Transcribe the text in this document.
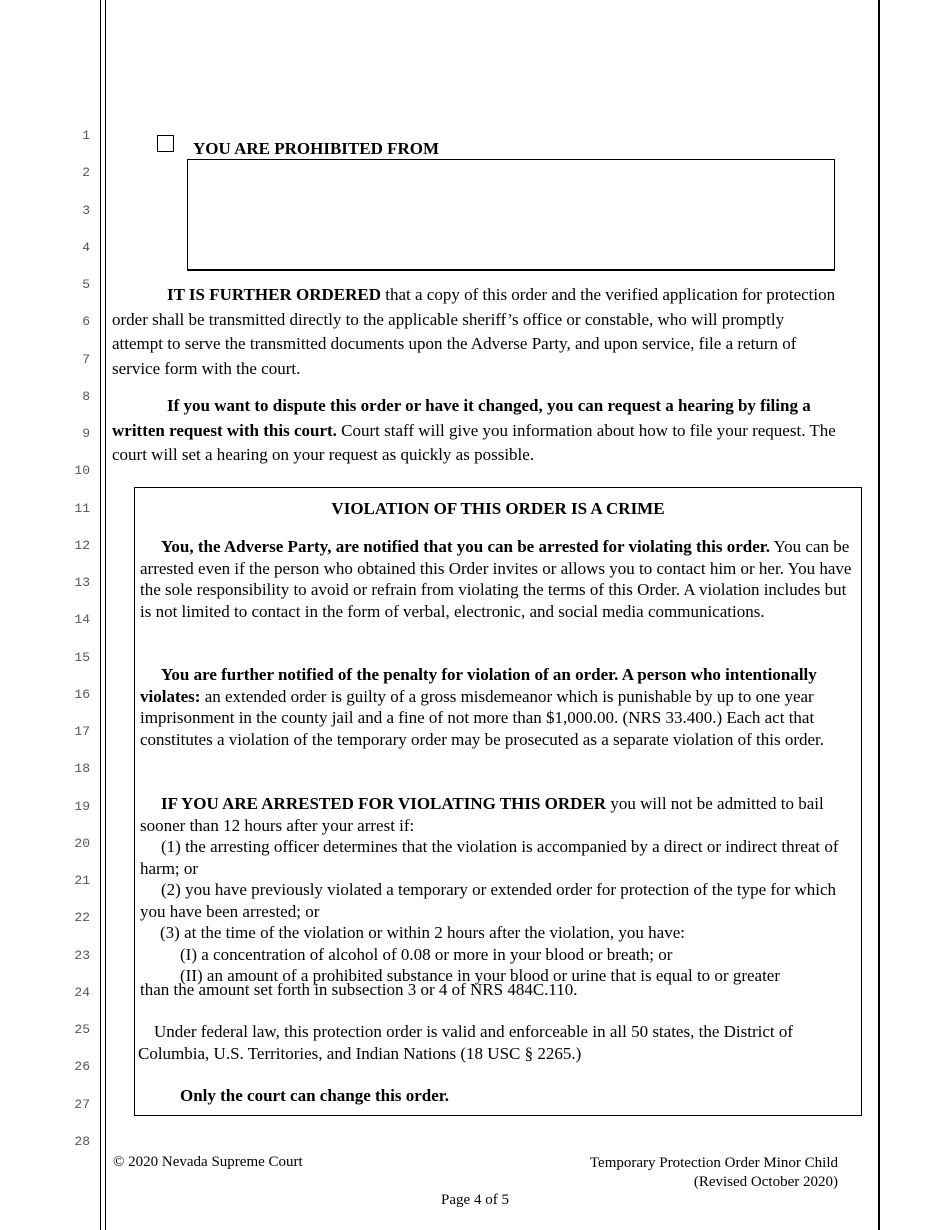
1
2
3
4
5
6
7
8
9
10
11
12
13
14
15
16
17
18
19
20
21
22
23
24
25
26
27
28
YOU ARE PROHIBITED FROM
IT IS FURTHER ORDERED that a copy of this order and the verified application for protection order shall be transmitted directly to the applicable sheriff’s office or constable, who will promptly attempt to serve the transmitted documents upon the Adverse Party, and upon service, file a return of service form with the court.
If you want to dispute this order or have it changed, you can request a hearing by filing a written request with this court. Court staff will give you information about how to file your request. The court will set a hearing on your request as quickly as possible.
VIOLATION OF THIS ORDER IS A CRIME
You, the Adverse Party, are notified that you can be arrested for violating this order. You can be arrested even if the person who obtained this Order invites or allows you to contact him or her. You have the sole responsibility to avoid or refrain from violating the terms of this Order. A violation includes but is not limited to contact in the form of verbal, electronic, and social media communications.
You are further notified of the penalty for violation of an order. A person who intentionally violates: an extended order is guilty of a gross misdemeanor which is punishable by up to one year imprisonment in the county jail and a fine of not more than $1,000.00. (NRS 33.400.) Each act that constitutes a violation of the temporary order may be prosecuted as a separate violation of this order.
IF YOU ARE ARRESTED FOR VIOLATING THIS ORDER you will not be admitted to bail sooner than 12 hours after your arrest if:
(1) the arresting officer determines that the violation is accompanied by a direct or indirect threat of harm; or
(2) you have previously violated a temporary or extended order for protection of the type for which you have been arrested; or
(3) at the time of the violation or within 2 hours after the violation, you have:
(I) a concentration of alcohol of 0.08 or more in your blood or breath; or
(II) an amount of a prohibited substance in your blood or urine that is equal to or greater
than the amount set forth in subsection 3 or 4 of NRS 484C.110.
Under federal law, this protection order is valid and enforceable in all 50 states, the District of Columbia, U.S. Territories, and Indian Nations (18 USC § 2265.)
Only the court can change this order.
© 2020 Nevada Supreme Court	Temporary Protection Order Minor Child
(Revised October 2020)
Page 4 of 5
